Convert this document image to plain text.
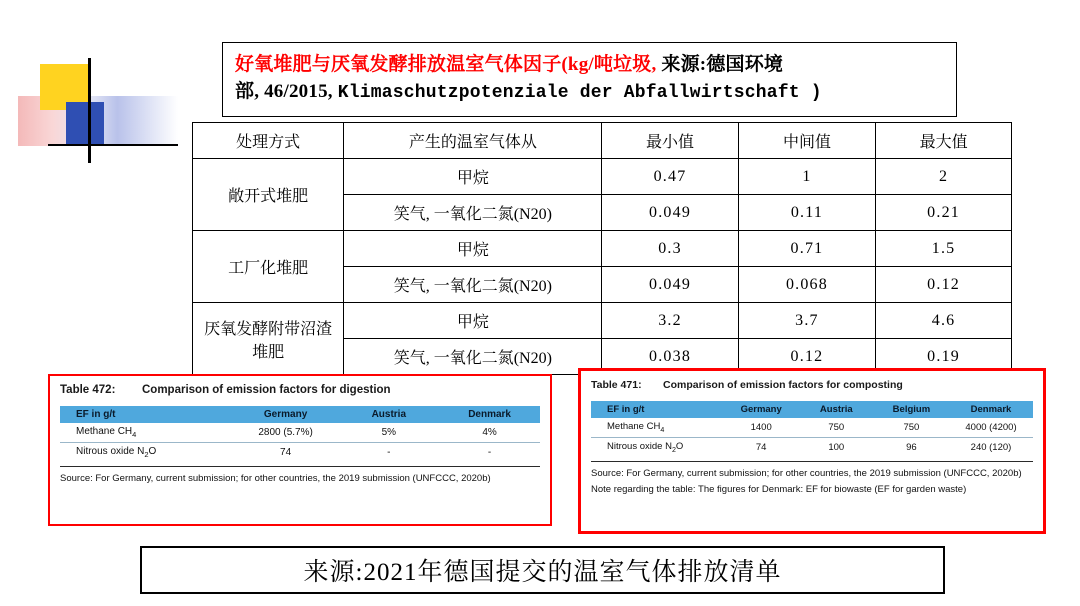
好氧堆肥与厌氧发酵排放温室气体因子(kg/吨垃圾, 来源:德国环境
部, 46/2015, Klimaschutzpotenziale der Abfallwirtschaft )
处理方式	产生的温室气体从	最小值	中间值	最大值
敞开式堆肥	甲烷	0.47	1	2
	笑气, 一氧化二氮(N20)	0.049	0.11	0.21
工厂化堆肥	甲烷	0.3	0.71	1.5
	笑气, 一氧化二氮(N20)	0.049	0.068	0.12
厌氧发酵附带沼渣堆肥	甲烷	3.2	3.7	4.6
	笑气, 一氧化二氮(N20)	0.038	0.12	0.19
Table 472: Comparison of emission factors for digestion
EF in g/t	Germany	Austria	Denmark
Methane $CH_4$	2800 (5.7%)	5%	4%
Nitrous oxide $N_2O$	74	-	-
Source: For Germany, current submission; for other countries, the 2019 submission (UNFCCC, 2020b)
Table 471: Comparison of emission factors for composting
EF in g/t	Germany	Austria	Belgium	Denmark
Methane $CH_4$	1400	750	750	4000 (4200)
Nitrous oxide $N_2O$	74	100	96	240 (120)
Source: For Germany, current submission; for other countries, the 2019 submission (UNFCCC, 2020b)
Note regarding the table: The figures for Denmark: EF for biowaste (EF for garden waste)
来源:2021年德国提交的温室气体排放清单
